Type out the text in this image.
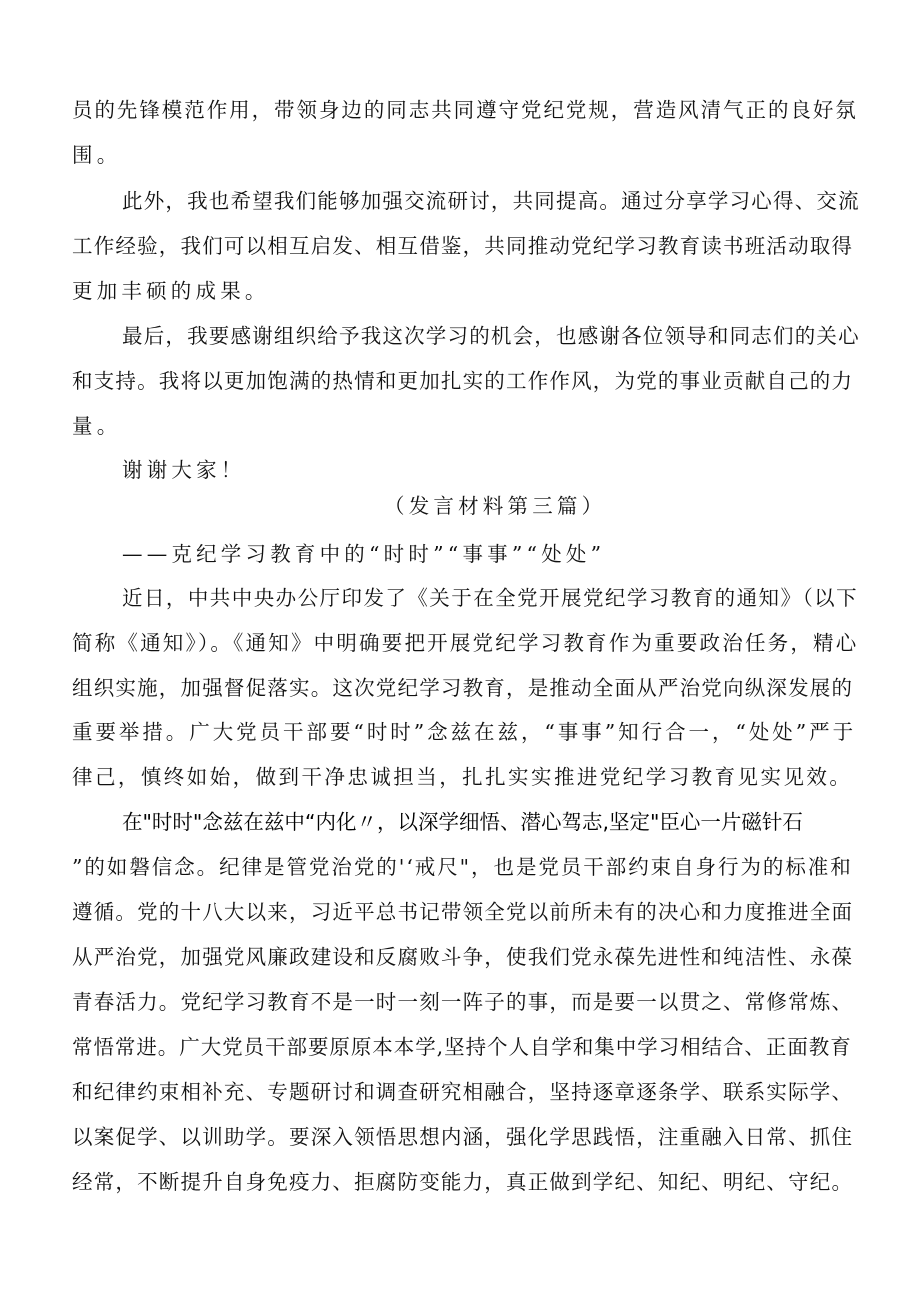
员的先锋模范作用，带领身边的同志共同遵守党纪党规，营造风清气正的良好氛
围。
此外，我也希望我们能够加强交流研讨，共同提高。通过分享学习心得、交流
工作经验，我们可以相互启发、相互借鉴，共同推动党纪学习教育读书班活动取得
更加丰硕的成果。
最后，我要感谢组织给予我这次学习的机会，也感谢各位领导和同志们的关心
和支持。我将以更加饱满的热情和更加扎实的工作作风，为党的事业贡献自己的力
量。
谢谢大家！
（发言材料第三篇）
——克纪学习教育中的“时时”“事事”“处处”
近日，中共中央办公厅印发了《关于在全党开展党纪学习教育的通知》（以下
简称《通知》）。《通知》中明确要把开展党纪学习教育作为重要政治任务，精心
组织实施，加强督促落实。这次党纪学习教育，是推动全面从严治党向纵深发展的
重要举措。广大党员干部要“时时”念兹在兹，“事事”知行合一，“处处”严于
律己，慎终如始，做到干净忠诚担当，扎扎实实推进党纪学习教育见实见效。
在"时时"念兹在兹中“内化〃，以深学细悟、潜心驾志,坚定"臣心一片磁针石
”的如磐信念。纪律是管党治党的'‘戒尺"，也是党员干部约束自身行为的标准和
遵循。党的十八大以来，习近平总书记带领全党以前所未有的决心和力度推进全面
从严治党，加强党风廉政建设和反腐败斗争，使我们党永葆先进性和纯洁性、永葆
青春活力。党纪学习教育不是一时一刻一阵子的事，而是要一以贯之、常修常炼、
常悟常进。广大党员干部要原原本本学,坚持个人自学和集中学习相结合、正面教育
和纪律约束相补充、专题研讨和调查研究相融合，坚持逐章逐条学、联系实际学、
以案促学、以训助学。要深入领悟思想内涵，强化学思践悟，注重融入日常、抓住
经常，不断提升自身免疫力、拒腐防变能力，真正做到学纪、知纪、明纪、守纪。
